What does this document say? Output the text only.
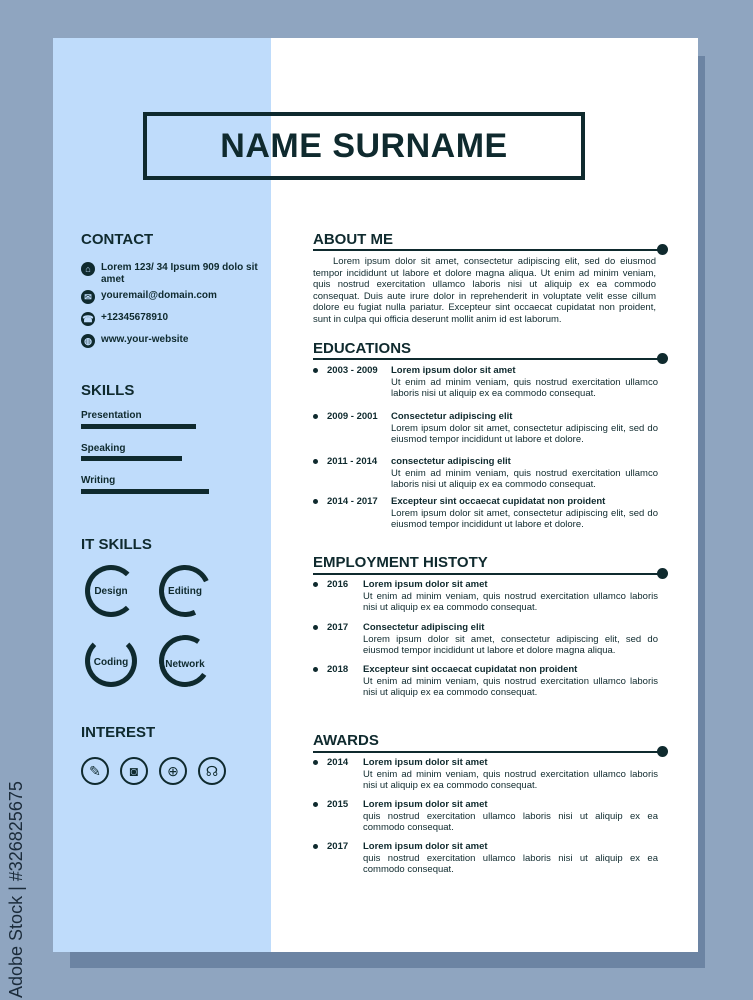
NAME SURNAME
CONTACT
⌂	Lorem 123/ 34 Ipsum 909 dolo sit amet
✉ youremail@domain.com
☎ +12345678910
◍ www.your-website
SKILLS
Presentation
Speaking
Writing
IT SKILLS
Design	Editing
Coding	Network
INTEREST
✎	◙	⊕	☊
ABOUT ME
Lorem ipsum dolor sit amet, consectetur adipiscing elit, sed do eiusmod tempor incididunt ut labore et dolore magna aliqua. Ut enim ad minim veniam, quis nostrud exercitation ullamco laboris nisi ut aliquip ex ea commodo consequat. Duis aute irure dolor in reprehenderit in voluptate velit esse cillum dolore eu fugiat nulla pariatur. Excepteur sint occaecat cupidatat non proident, sunt in culpa qui officia deserunt mollit anim id est laborum.
EDUCATIONS
2003 - 2009 Lorem ipsum dolor sit amet
Ut enim ad minim veniam, quis nostrud exercitation ullamco laboris nisi ut aliquip ex ea commodo consequat.
2009 - 2001 Consectetur adipiscing elit
Lorem ipsum dolor sit amet, consectetur adipiscing elit, sed do eiusmod tempor incididunt ut labore et dolore.
2011 - 2014 consectetur adipiscing elit
Ut enim ad minim veniam, quis nostrud exercitation ullamco laboris nisi ut aliquip ex ea commodo consequat.
2014 - 2017 Excepteur sint occaecat cupidatat non proident
Lorem ipsum dolor sit amet, consectetur adipiscing elit, sed do eiusmod tempor incididunt ut labore et dolore.
EMPLOYMENT HISTOTY
2016 Lorem ipsum dolor sit amet
Ut enim ad minim veniam, quis nostrud exercitation ullamco laboris nisi ut aliquip ex ea commodo consequat.
2017 Consectetur adipiscing elit
Lorem ipsum dolor sit amet, consectetur adipiscing elit, sed do eiusmod tempor incididunt ut labore et dolore magna aliqua.
2018 Excepteur sint occaecat cupidatat non proident
Ut enim ad minim veniam, quis nostrud exercitation ullamco laboris nisi ut aliquip ex ea commodo consequat.
AWARDS
2014 Lorem ipsum dolor sit amet
Ut enim ad minim veniam, quis nostrud exercitation ullamco laboris nisi ut aliquip ex ea commodo consequat.
2015 Lorem ipsum dolor sit amet
quis nostrud exercitation ullamco laboris nisi ut aliquip ex ea commodo consequat.
2017 Lorem ipsum dolor sit amet
quis nostrud exercitation ullamco laboris nisi ut aliquip ex ea commodo consequat.
Adobe Stock | #326825675
